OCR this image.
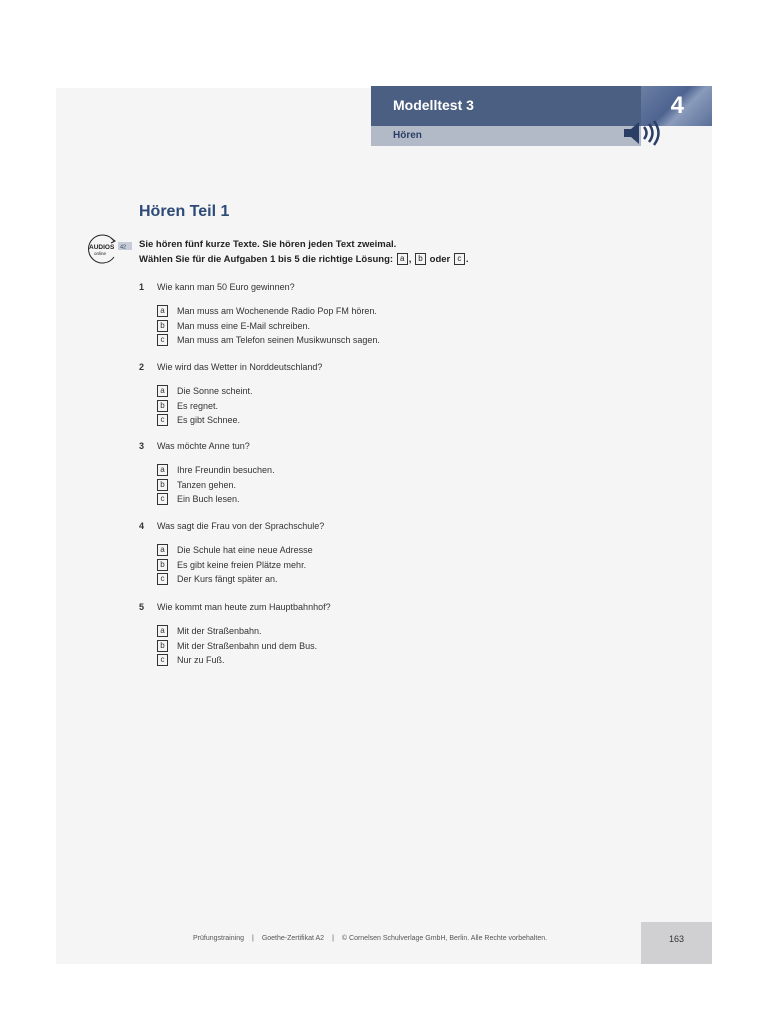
Modelltest 3	4
Hören
Hören Teil 1
AUDIOS
online
42 Sie hören fünf kurze Texte. Sie hören jeden Text zweimal.
Wählen Sie für die Aufgaben 1 bis 5 die richtige Lösung: a , b oder c .
1 Wie kann man 50 Euro gewinnen?
a	Man muss am Wochenende Radio Pop FM hören.
b	Man muss eine E-Mail schreiben.
c	Man muss am Telefon seinen Musikwunsch sagen.
2 Wie wird das Wetter in Norddeutschland?
a	Die Sonne scheint.
b	Es regnet.
c	Es gibt Schnee.
3 Was möchte Anne tun?
a	Ihre Freundin besuchen.
b	Tanzen gehen.
c	Ein Buch lesen.
4 Was sagt die Frau von der Sprachschule?
a	Die Schule hat eine neue Adresse
b	Es gibt keine freien Plätze mehr.
c	Der Kurs fängt später an.
5 Wie kommt man heute zum Hauptbahnhof?
a	Mit der Straßenbahn.
b	Mit der Straßenbahn und dem Bus.
c	Nur zu Fuß.
Prüfungstraining | Goethe-Zertifikat A2 | © Cornelsen Schulverlage GmbH, Berlin. Alle Rechte vorbehalten.	163
